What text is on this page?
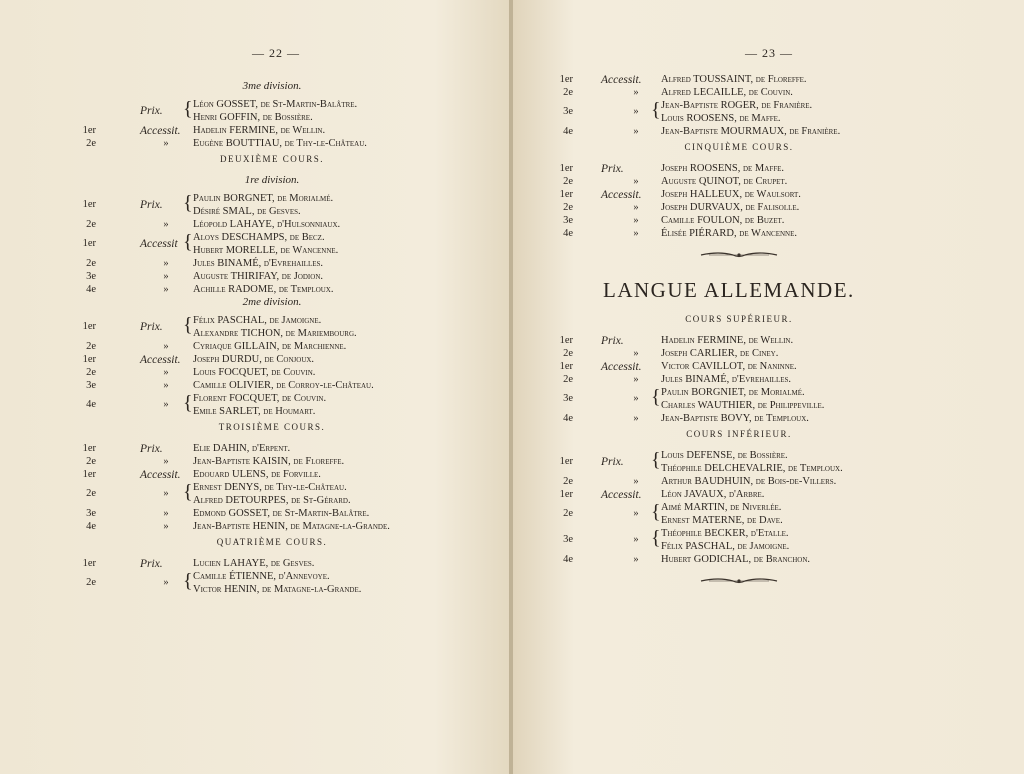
— 22 —
3me division.
Prix. { Léon GOSSET, de St-Martin-Balâtre.
Henri GOFFIN, de Bossière.
1er	Accessit. Hadelin FERMINE, de Wellin.
2e	»	Eugène BOUTTIAU, de Thy-le-Château.
DEUXIÈME COURS.
1re division.
1er	Prix. { Paulin BORGNET, de Morialmé.
Désiré SMAL, de Gesves.
2e	»	Léopold LAHAYE, d'Hulsonniaux.
1er	Accessit { Aloys DESCHAMPS, de Becz.
Hubert MORELLE, de Wancenne.
2e	»	Jules BINAMÉ, d'Evrehailles.
3e	»	Auguste THIRIFAY, de Jodion.
4e	»	Achille RADOME, de Temploux.
2me division.
1er	Prix. { Félix PASCHAL, de Jamoigne.
Alexandre TICHON, de Mariembourg.
2e	»	Cyriaque GILLAIN, de Marchienne.
1er	Accessit. Joseph DURDU, de Conjoux.
2e	»	Louis FOCQUET, de Couvin.
3e	»	Camille OLIVIER, de Corroy-le-Château.
4e	» { Florent FOCQUET, de Couvin.
Emile SARLET, de Houmart.
TROISIÈME COURS.
1er	Prix.	Elie DAHIN, d'Erpent.
2e	»	Jean-Baptiste KAISIN, de Floreffe.
1er	Accessit. Edouard ULENS, de Forville.
2e	» { Ernest DENYS, de Thy-le-Château.
Alfred DETOURPES, de St-Gérard.
3e	»	Edmond GOSSET, de St-Martin-Balâtre.
4e	»	Jean-Baptiste HENIN, de Matagne-la-Grande.
QUATRIÈME COURS.
1er	Prix.	Lucien LAHAYE, de Gesves.
2e	» { Camille ÉTIENNE, d'Annevoye.
Victor HENIN, de Matagne-la-Grande.
— 23 —
1er Accessit. Alfred TOUSSAINT, de Floreffe.
2e	»	Alfred LECAILLE, de Couvin.
3e	» { Jean-Baptiste ROGER, de Franière.
Louis ROOSENS, de Maffe.
4e	»	Jean-Baptiste MOURMAUX, de Franière.
CINQUIÈME COURS.
1er Prix.	Joseph ROOSENS, de Maffe.
2e	»	Auguste QUINOT, de Crupet.
1er Accessit. Joseph HALLEUX, de Waulsort.
2e	»	Joseph DURVAUX, de Falisolle.
3e	»	Camille FOULON, de Buzet.
4e	»	Élisée PIÉRARD, de Wancenne.
LANGUE ALLEMANDE.
COURS SUPÉRIEUR.
1er Prix.	Hadelin FERMINE, de Wellin.
2e	»	Joseph CARLIER, de Ciney.
1er Accessit. Victor CAVILLOT, de Naninne.
2e	»	Jules BINAMÉ, d'Evrehailles.
3e	» { Paulin BORGNIET, de Morialmé.
Charles WAUTHIER, de Philippeville.
4e	»	Jean-Baptiste BOVY, de Temploux.
COURS INFÉRIEUR.
1er Prix. { Louis DEFENSE, de Bossière.
Théophile DELCHEVALRIE, de Temploux.
2e	»	Arthur BAUDHUIN, de Bois-de-Villers.
1er Accessit. Léon JAVAUX, d'Arbre.
2e	» { Aimé MARTIN, de Niverlée.
Ernest MATERNE, de Dave.
3e	» { Théophile BECKER, d'Etalle.
Félix PASCHAL, de Jamoigne.
4e	»	Hubert GODICHAL, de Branchon.
